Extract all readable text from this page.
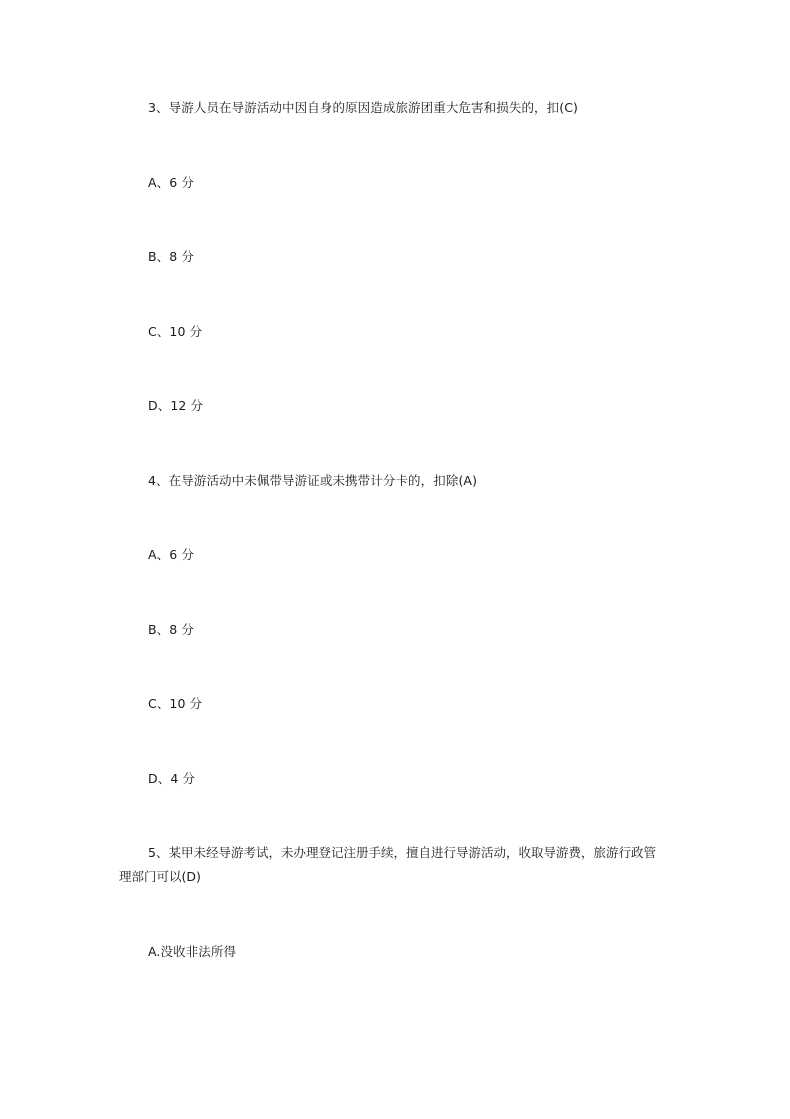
3、导游人员在导游活动中因自身的原因造成旅游团重大危害和损失的，扣(C)
A、6 分
B、8 分
C、10 分
D、12 分
4、在导游活动中未佩带导游证或未携带计分卡的，扣除(A)
A、6 分
B、8 分
C、10 分
D、4 分
5、某甲未经导游考试，未办理登记注册手续，擅自进行导游活动，收取导游费，旅游行政管理部门可以(D)
A.没收非法所得
